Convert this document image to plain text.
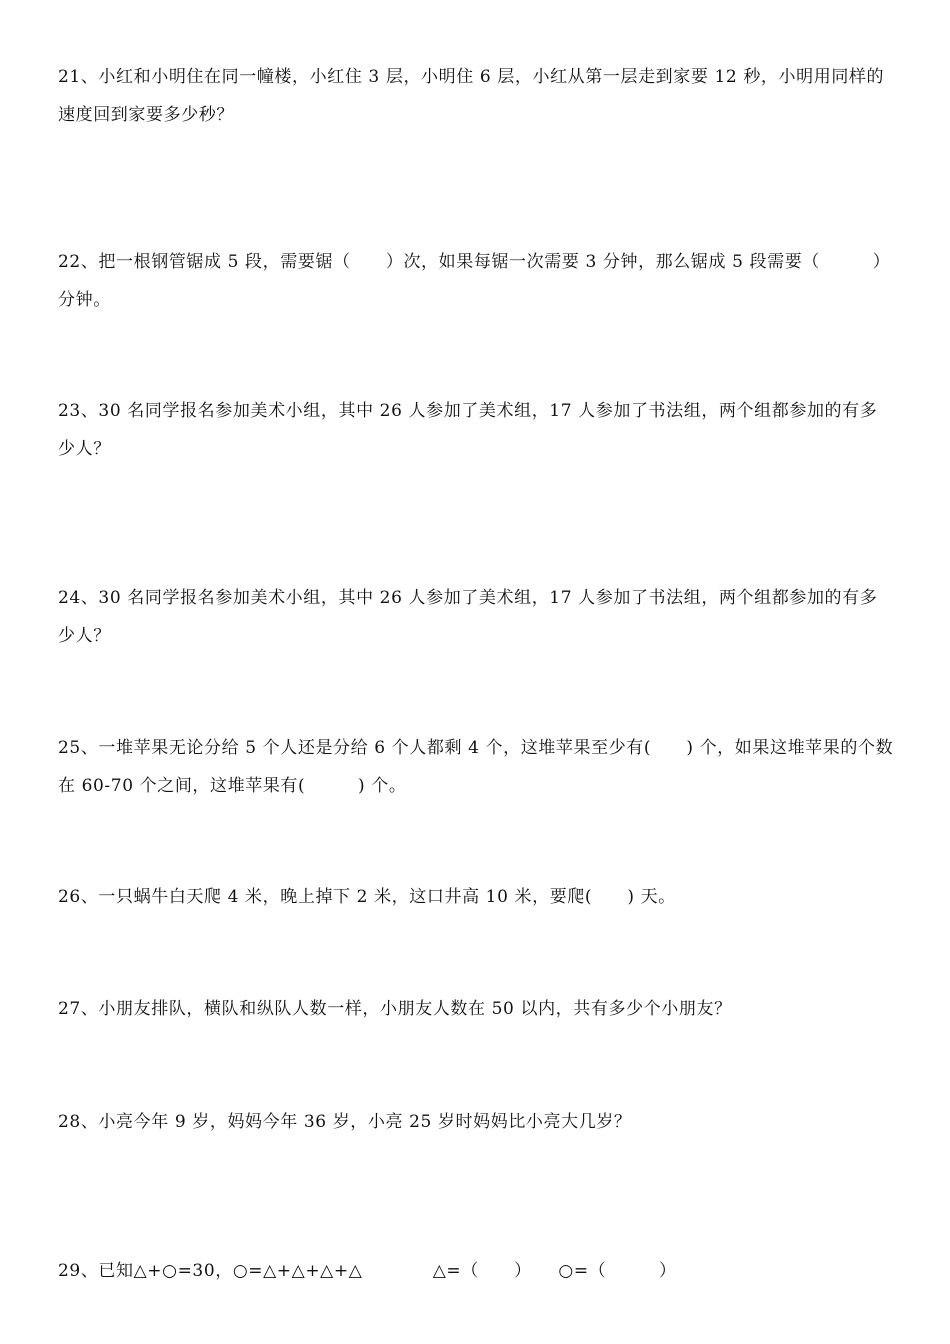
21、小红和小明住在同一幢楼，小红住 3 层，小明住 6 层，小红从第一层走到家要 12 秒，小明用同样的速度回到家要多少秒？
22、把一根钢管锯成 5 段，需要锯（　　）次，如果每锯一次需要 3 分钟，那么锯成 5 段需要（　　　）分钟。
23、30 名同学报名参加美术小组，其中 26 人参加了美术组，17 人参加了书法组，两个组都参加的有多少人？
24、30 名同学报名参加美术小组，其中 26 人参加了美术组，17 人参加了书法组，两个组都参加的有多少人？
25、一堆苹果无论分给 5 个人还是分给 6 个人都剩 4 个，这堆苹果至少有(　　) 个，如果这堆苹果的个数在 60-70 个之间，这堆苹果有(　　　) 个。
26、一只蜗牛白天爬 4 米，晚上掉下 2 米，这口井高 10 米，要爬(　　) 天。
27、小朋友排队，横队和纵队人数一样，小朋友人数在 50 以内，共有多少个小朋友？
28、小亮今年 9 岁，妈妈今年 36 岁，小亮 25 岁时妈妈比小亮大几岁？
29、已知△+○=30，○=△+△+△+△　　　　△=（　　）　　○=（　　　）
